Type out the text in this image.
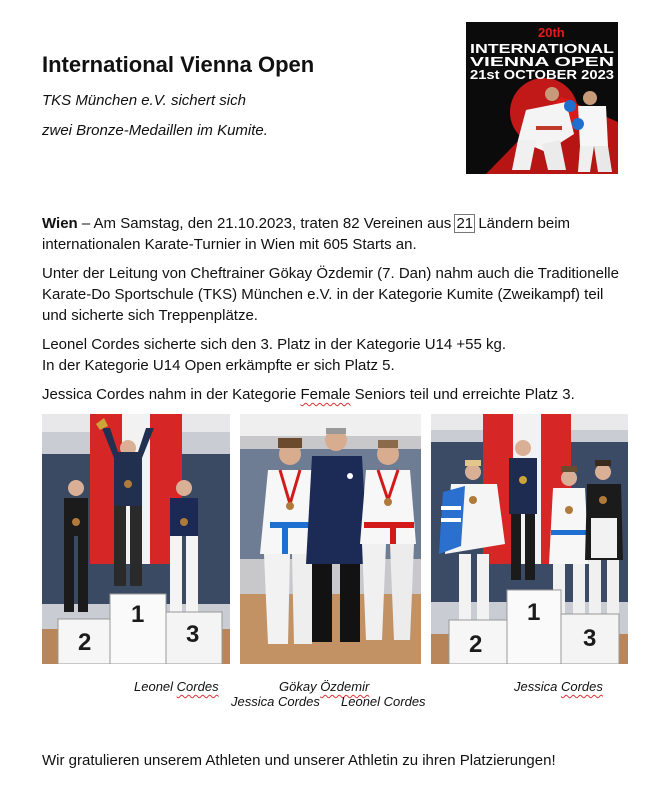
International Vienna Open
TKS München e.V. sichert sich
zwei Bronze-Medaillen im Kumite.
20th
INTERNATIONAL
VIENNA OPEN
21st OCTOBER 2023

Wien – Am Samstag, den 21.10.2023, traten 82 Vereinen aus 21 Ländern beim internationalen Karate-Turnier in Wien mit 605 Starts an.

Unter der Leitung von Cheftrainer Gökay Özdemir (7. Dan) nahm auch die Traditionelle Karate-Do Sportschule (TKS) München e.V. in der Kategorie Kumite (Zweikampf) teil und sicherte sich Treppenplätze.

Leonel Cordes sicherte sich den 3. Platz in der Kategorie U14 +55 kg.
In der Kategorie U14 Open erkämpfte er sich Platz 5.

Jessica Cordes nahm in der Kategorie Female Seniors teil und erreichte Platz 3.

2
1
3	2
1
3
Leonel Cordes	Gökay Özdemir	Jessica Cordes
Jessica Cordes Leonel Cordes
Wir gratulieren unserem Athleten und unserer Athletin zu ihren Platzierungen!
